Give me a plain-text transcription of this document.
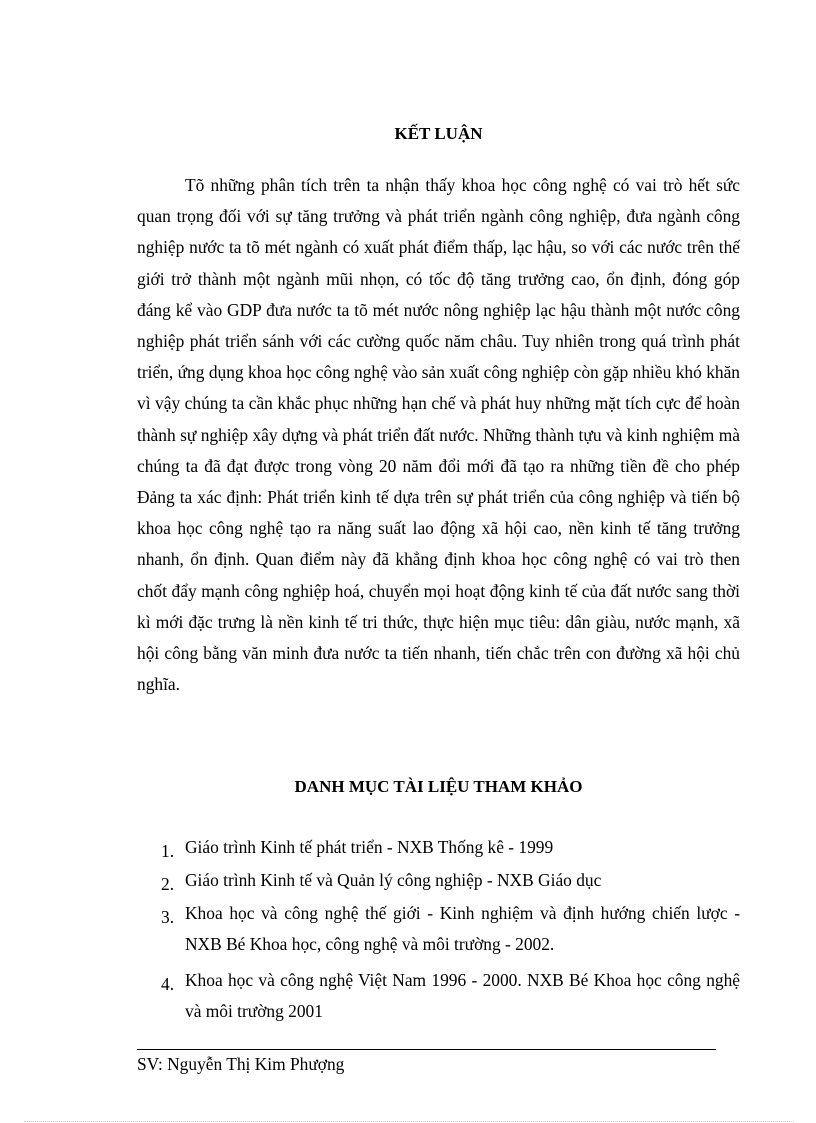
KẾT LUẬN

Tõ những phân tích trên ta nhận thấy khoa học công nghệ có vai trò hết sức quan trọng đối với sự tăng trưởng và phát triển ngành công nghiệp, đưa ngành công nghiệp nước ta tõ mét ngành có xuất phát điểm thấp, lạc hậu, so với các nước trên thế giới trở thành một ngành mũi nhọn, có tốc độ tăng trưởng cao, ổn định, đóng góp đáng kể vào GDP đưa nước ta tõ mét nước nông nghiệp lạc hậu thành một nước công nghiệp phát triển sánh với các cường quốc năm châu. Tuy nhiên trong quá trình phát triển, ứng dụng khoa học công nghệ vào sản xuất công nghiệp còn gặp nhiều khó khăn vì vậy chúng ta cần khắc phục những hạn chế và phát huy những mặt tích cực để hoàn thành sự nghiệp xây dựng và phát triển đất nước. Những thành tựu và kinh nghiệm mà chúng ta đã đạt được trong vòng 20 năm đổi mới đã tạo ra những tiền đề cho phép Đảng ta xác định: Phát triển kinh tế dựa trên sự phát triển của công nghiệp và tiến bộ khoa học công nghệ tạo ra năng suất lao động xã hội cao, nền kinh tế tăng trưởng nhanh, ổn định. Quan điểm này đã khẳng định khoa học công nghệ có vai trò then chốt đẩy mạnh công nghiệp hoá, chuyển mọi hoạt động kinh tế của đất nước sang thời kì mới đặc trưng là nền kinh tế tri thức, thực hiện mục tiêu: dân giàu, nước mạnh, xã hội công bằng văn minh đưa nước ta tiến nhanh, tiến chắc trên con đường xã hội chủ nghĩa.

DANH MỤC TÀI LIỆU THAM KHẢO
1. Giáo trình Kinh tế phát triển - NXB Thống kê - 1999
2. Giáo trình Kinh tế và Quản lý công nghiệp - NXB Giáo dục
3. Khoa học và công nghệ thế giới - Kinh nghiệm và định hướng chiến lược - NXB Bé Khoa học, công nghệ và môi trường - 2002.
4. Khoa học và công nghệ Việt Nam 1996 - 2000. NXB Bé Khoa học công nghệ và môi trường 2001

SV: Nguyễn Thị Kim Phượng
